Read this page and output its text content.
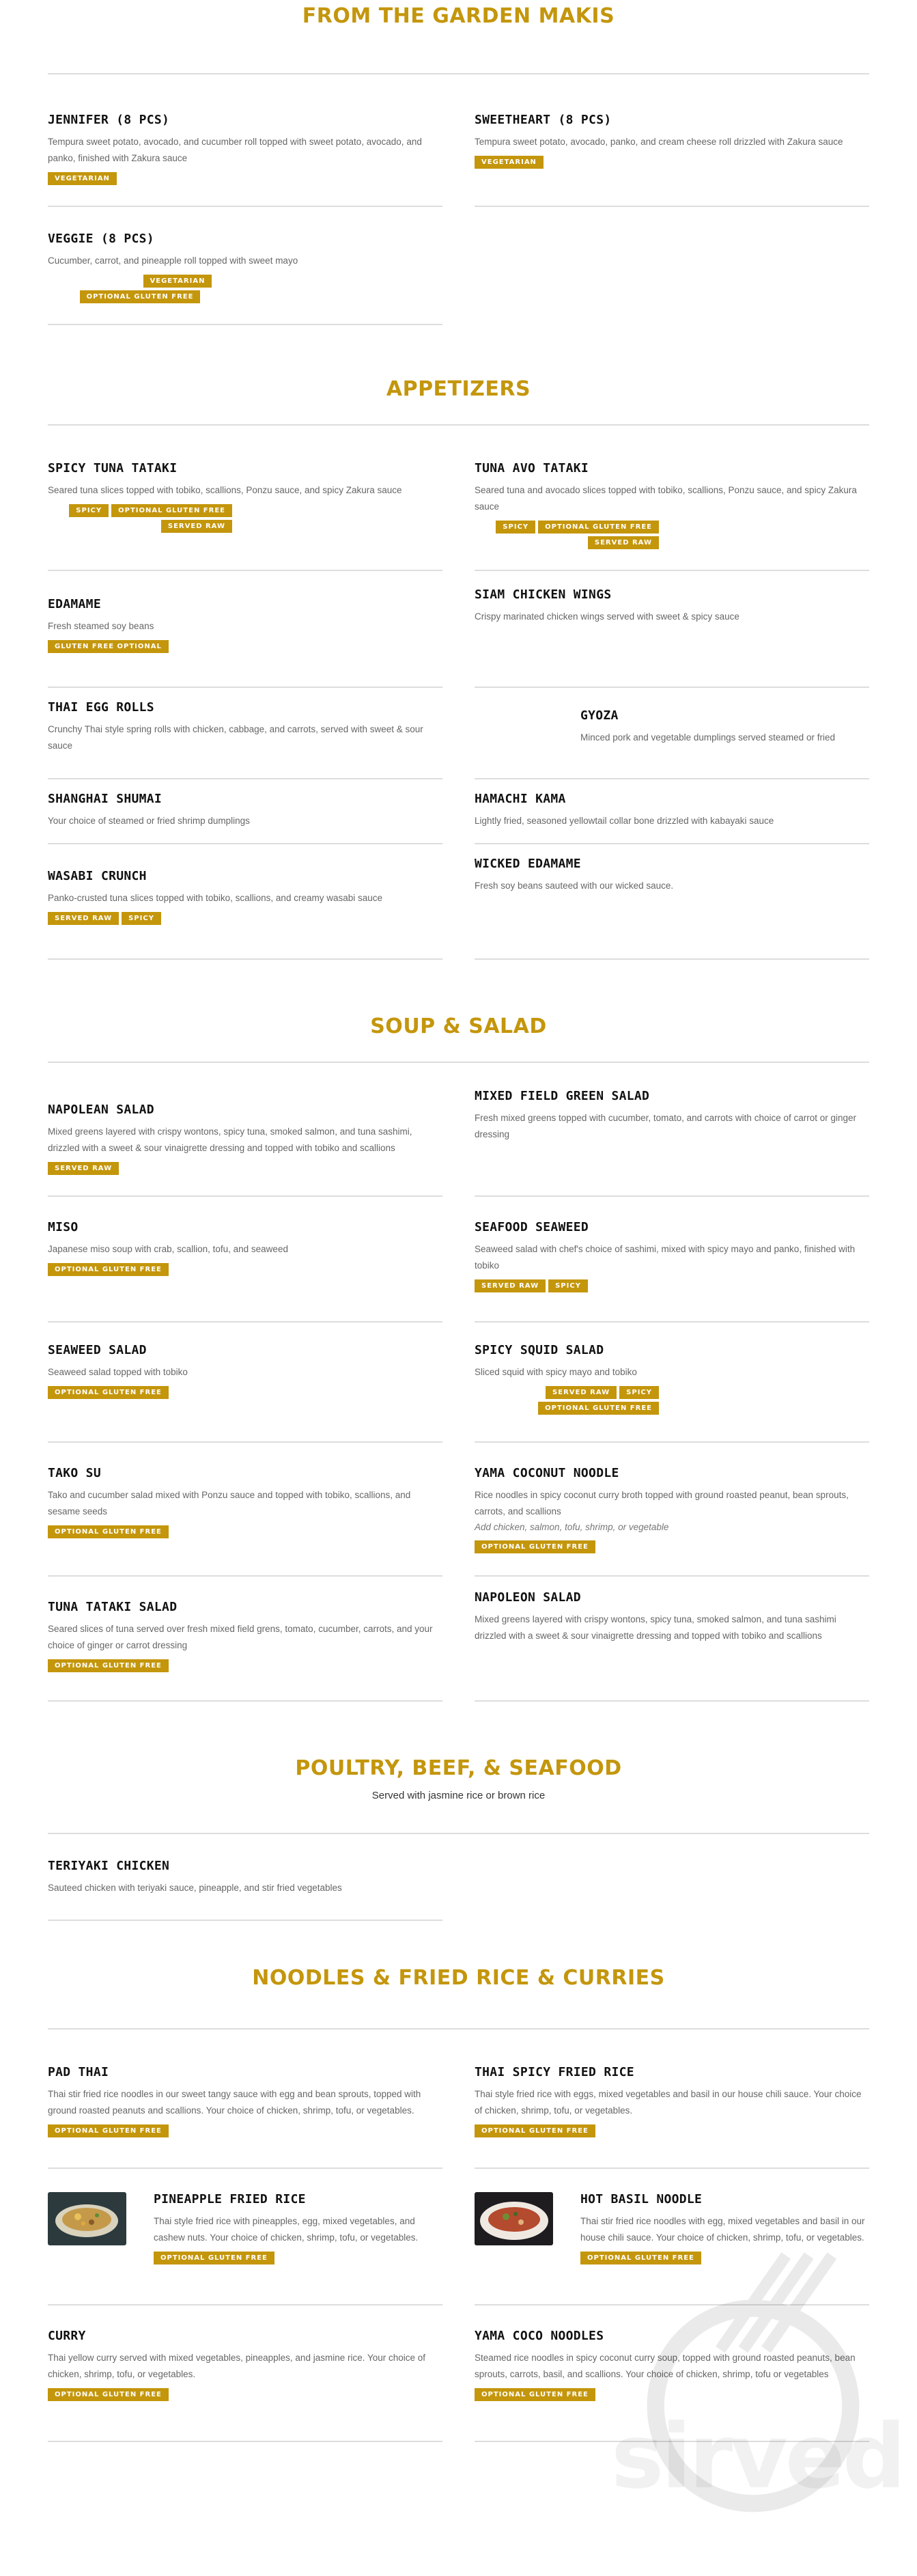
FROM THE GARDEN MAKIS
JENNIFER (8 PCS)
Tempura sweet potato, avocado, and cucumber roll topped with sweet potato, avocado, and panko, finished with Zakura sauce
VEGETARIAN
SWEETHEART (8 PCS)
Tempura sweet potato, avocado, panko, and cream cheese roll drizzled with Zakura sauce
VEGETARIAN
VEGGIE (8 PCS)
Cucumber, carrot, and pineapple roll topped with sweet mayo
VEGETARIAN
OPTIONAL GLUTEN FREE
APPETIZERS
SPICY TUNA TATAKI
Seared tuna slices topped with tobiko, scallions, Ponzu sauce, and spicy Zakura sauce
SPICY	OPTIONAL GLUTEN FREE
SERVED RAW
TUNA AVO TATAKI
Seared tuna and avocado slices topped with tobiko, scallions, Ponzu sauce, and spicy Zakura sauce
SPICY	OPTIONAL GLUTEN FREE
SERVED RAW
EDAMAME
Fresh steamed soy beans
GLUTEN FREE OPTIONAL
SIAM CHICKEN WINGS
Crispy marinated chicken wings served with sweet & spicy sauce
THAI EGG ROLLS
Crunchy Thai style spring rolls with chicken, cabbage, and carrots, served with sweet & sour sauce
GYOZA
Minced pork and vegetable dumplings served steamed or fried
SHANGHAI SHUMAI
Your choice of steamed or fried shrimp dumplings
HAMACHI KAMA
Lightly fried, seasoned yellowtail collar bone drizzled with kabayaki sauce
WASABI CRUNCH
Panko-crusted tuna slices topped with tobiko, scallions, and creamy wasabi sauce
SERVED RAW	SPICY
WICKED EDAMAME
Fresh soy beans sauteed with our wicked sauce.
SOUP & SALAD
NAPOLEAN SALAD
Mixed greens layered with crispy wontons, spicy tuna, smoked salmon, and tuna sashimi, drizzled with a sweet & sour vinaigrette dressing and topped with tobiko and scallions
SERVED RAW
MIXED FIELD GREEN SALAD
Fresh mixed greens topped with cucumber, tomato, and carrots with choice of carrot or ginger dressing
MISO
Japanese miso soup with crab, scallion, tofu, and seaweed
OPTIONAL GLUTEN FREE
SEAFOOD SEAWEED
Seaweed salad with chef's choice of sashimi, mixed with spicy mayo and panko, finished with tobiko
SERVED RAW	SPICY
SEAWEED SALAD
Seaweed salad topped with tobiko
OPTIONAL GLUTEN FREE
SPICY SQUID SALAD
Sliced squid with spicy mayo and tobiko
SERVED RAW	SPICY
OPTIONAL GLUTEN FREE
TAKO SU
Tako and cucumber salad mixed with Ponzu sauce and topped with tobiko, scallions, and sesame seeds
OPTIONAL GLUTEN FREE
YAMA COCONUT NOODLE
Rice noodles in spicy coconut curry broth topped with ground roasted peanut, bean sprouts, carrots, and scallions
Add chicken, salmon, tofu, shrimp, or vegetable
OPTIONAL GLUTEN FREE
TUNA TATAKI SALAD
Seared slices of tuna served over fresh mixed field grens, tomato, cucumber, carrots, and your choice of ginger or carrot dressing
OPTIONAL GLUTEN FREE
NAPOLEON SALAD
Mixed greens layered with crispy wontons, spicy tuna, smoked salmon, and tuna sashimi drizzled with a sweet & sour vinaigrette dressing and topped with tobiko and scallions
POULTRY, BEEF, & SEAFOOD
Served with jasmine rice or brown rice
TERIYAKI CHICKEN
Sauteed chicken with teriyaki sauce, pineapple, and stir fried vegetables
NOODLES & FRIED RICE & CURRIES
PAD THAI
Thai stir fried rice noodles in our sweet tangy sauce with egg and bean sprouts, topped with ground roasted peanuts and scallions. Your choice of chicken, shrimp, tofu, or vegetables.
OPTIONAL GLUTEN FREE
THAI SPICY FRIED RICE
Thai style fried rice with eggs, mixed vegetables and basil in our house chili sauce. Your choice of chicken, shrimp, tofu, or vegetables.
OPTIONAL GLUTEN FREE
PINEAPPLE FRIED RICE
Thai style fried rice with pineapples, egg, mixed vegetables, and cashew nuts. Your choice of chicken, shrimp, tofu, or vegetables.
OPTIONAL GLUTEN FREE
HOT BASIL NOODLE
Thai stir fried rice noodles with egg, mixed vegetables and basil in our house chili sauce. Your choice of chicken, shrimp, tofu, or vegetables.
OPTIONAL GLUTEN FREE
CURRY
Thai yellow curry served with mixed vegetables, pineapples, and jasmine rice. Your choice of chicken, shrimp, tofu, or vegetables.
OPTIONAL GLUTEN FREE
YAMA COCO NOODLES
Steamed rice noodles in spicy coconut curry soup, topped with ground roasted peanuts, bean sprouts, carrots, basil, and scallions. Your choice of chicken, shrimp, tofu or vegetables
OPTIONAL GLUTEN FREE
sirved
